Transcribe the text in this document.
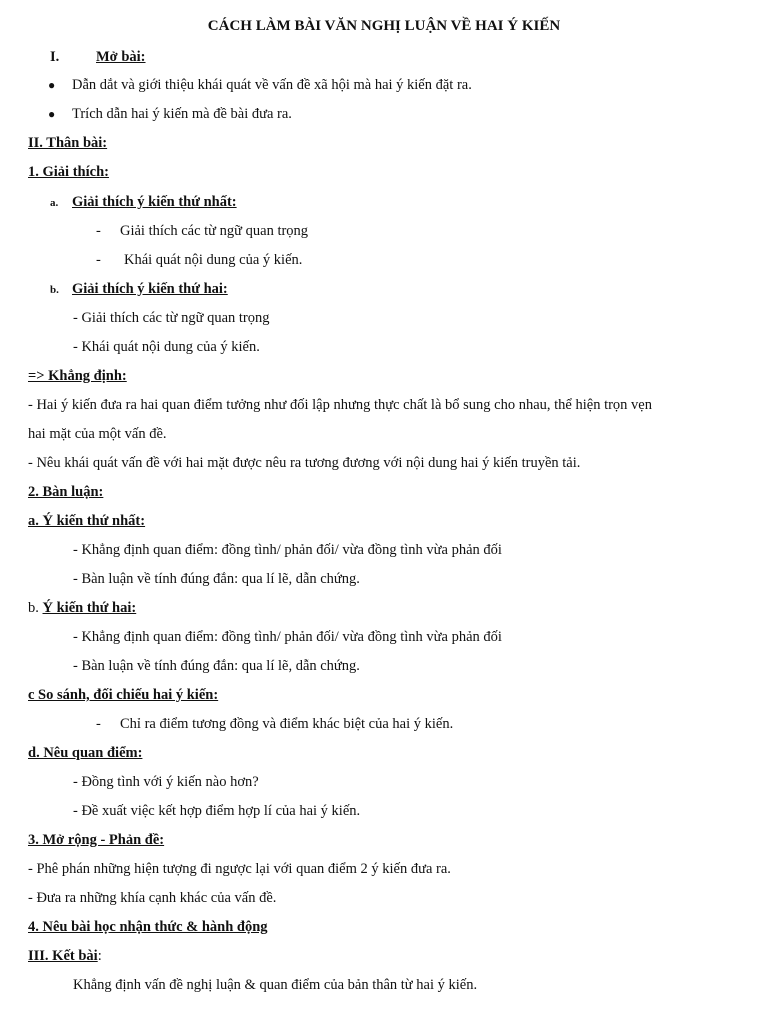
CÁCH LÀM BÀI VĂN NGHỊ LUẬN VỀ HAI Ý KIẾN
I.	Mở bài:
● Dẫn dắt và giới thiệu khái quát về vấn đề xã hội mà hai ý kiến đặt ra.
● Trích dẫn hai ý kiến mà đề bài đưa ra.
II. Thân bài:
1. Giải thích:
a. Giải thích ý kiến thứ nhất:
- Giải thích các từ ngữ quan trọng
- Khái quát nội dung của ý kiến.
b. Giải thích ý kiến thứ hai:
- Giải thích các từ ngữ quan trọng
- Khái quát nội dung của ý kiến.
=> Khẳng định:
- Hai ý kiến đưa ra hai quan điểm tưởng như đối lập nhưng thực chất là bổ sung cho nhau, thể hiện trọn vẹn
hai mặt của một vấn đề.
- Nêu khái quát vấn đề với hai mặt được nêu ra tương đương với nội dung hai ý kiến truyền tải.
2. Bàn luận:
a. Ý kiến thứ nhất:
- Khẳng định quan điểm: đồng tình/ phản đối/ vừa đồng tình vừa phản đối
- Bàn luận về tính đúng đắn: qua lí lẽ, dẫn chứng.
b. Ý kiến thứ hai:
- Khẳng định quan điểm: đồng tình/ phản đối/ vừa đồng tình vừa phản đối
- Bàn luận về tính đúng đắn: qua lí lẽ, dẫn chứng.
c So sánh, đối chiếu hai ý kiến:
- Chỉ ra điểm tương đồng và điểm khác biệt của hai ý kiến.
d. Nêu quan điểm:
- Đồng tình với ý kiến nào hơn?
- Đề xuất việc kết hợp điểm hợp lí của hai ý kiến.
3. Mở rộng - Phản đề:
- Phê phán những hiện tượng đi ngược lại với quan điểm 2 ý kiến đưa ra.
- Đưa ra những khía cạnh khác của vấn đề.
4. Nêu bài học nhận thức & hành động
III. Kết bài:
Khẳng định vấn đề nghị luận & quan điểm của bản thân từ hai ý kiến.
